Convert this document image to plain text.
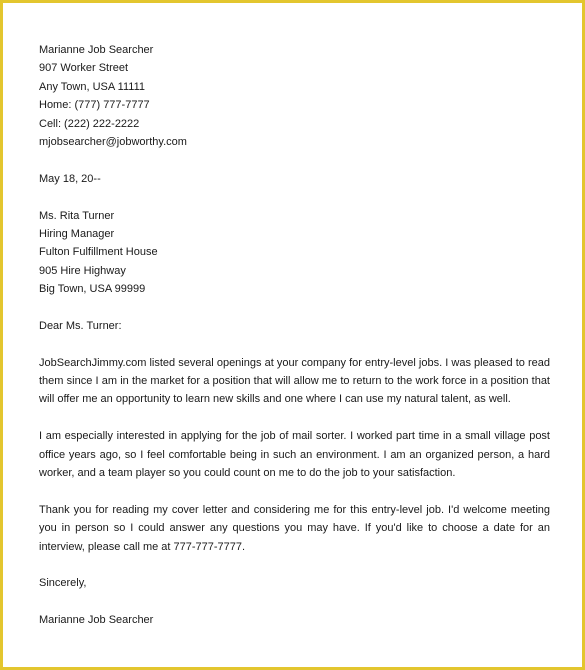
Marianne Job Searcher
907 Worker Street
Any Town, USA 11111
Home: (777) 777-7777
Cell: (222) 222-2222
mjobsearcher@jobworthy.com
May 18, 20--
Ms. Rita Turner
Hiring Manager
Fulton Fulfillment House
905 Hire Highway
Big Town, USA 99999
Dear Ms. Turner:

JobSearchJimmy.com listed several openings at your company for entry-level jobs. I was pleased to read them since I am in the market for a position that will allow me to return to the work force in a position that will offer me an opportunity to learn new skills and one where I can use my natural talent, as well.

I am especially interested in applying for the job of mail sorter. I worked part time in a small village post office years ago, so I feel comfortable being in such an environment. I am an organized person, a hard worker, and a team player so you could count on me to do the job to your satisfaction.

Thank you for reading my cover letter and considering me for this entry-level job. I'd welcome meeting you in person so I could answer any questions you may have. If you'd like to choose a date for an interview, please call me at 777-777-7777.

Sincerely,
Marianne Job Searcher
